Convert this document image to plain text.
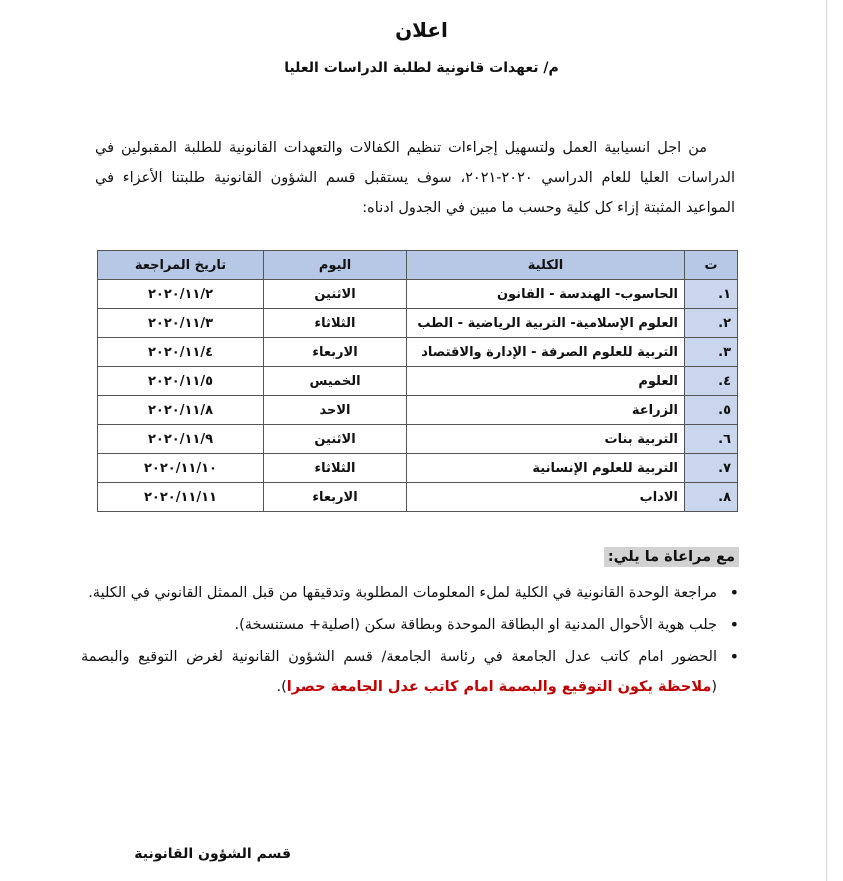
اعلان
م/ تعهدات قانونية لطلبة الدراسات العليا

من اجل انسيابية العمل ولتسهيل إجراءات تنظيم الكفالات والتعهدات القانونية للطلبة المقبولين في الدراسات العليا للعام الدراسي ٢٠٢٠-٢٠٢١، سوف يستقبل قسم الشؤون القانونية طلبتنا الأعزاء في المواعيد المثبتة إزاء كل كلية وحسب ما مبين في الجدول ادناه:

ت	الكلية	اليوم	تاريخ المراجعة
١.	الحاسوب- الهندسة - القانون	الاثنين	٢٠٢٠/١١/٢
٢.	العلوم الإسلامية- التربية الرياضية - الطب	الثلاثاء	٢٠٢٠/١١/٣
٣.	التربية للعلوم الصرفة - الإدارة والاقتصاد	الاربعاء	٢٠٢٠/١١/٤
٤.	العلوم	الخميس	٢٠٢٠/١١/٥
٥.	الزراعة	الاحد	٢٠٢٠/١١/٨
٦.	التربية بنات	الاثنين	٢٠٢٠/١١/٩
٧.	التربية للعلوم الإنسانية	الثلاثاء	٢٠٢٠/١١/١٠
٨.	الاداب	الاربعاء	٢٠٢٠/١١/١١
مع مراعاة ما يلي:
• مراجعة الوحدة القانونية في الكلية لملء المعلومات المطلوبة وتدقيقها من قبل الممثل القانوني في الكلية.
• جلب هوية الأحوال المدنية او البطاقة الموحدة وبطاقة سكن (اصلية+ مستنسخة).
• الحضور امام كاتب عدل الجامعة في رئاسة الجامعة/ قسم الشؤون القانونية لغرض التوقيع والبصمة (ملاحظة يكون التوقيع والبصمة امام كاتب عدل الجامعة حصرا).
قسم الشؤون القانونية
